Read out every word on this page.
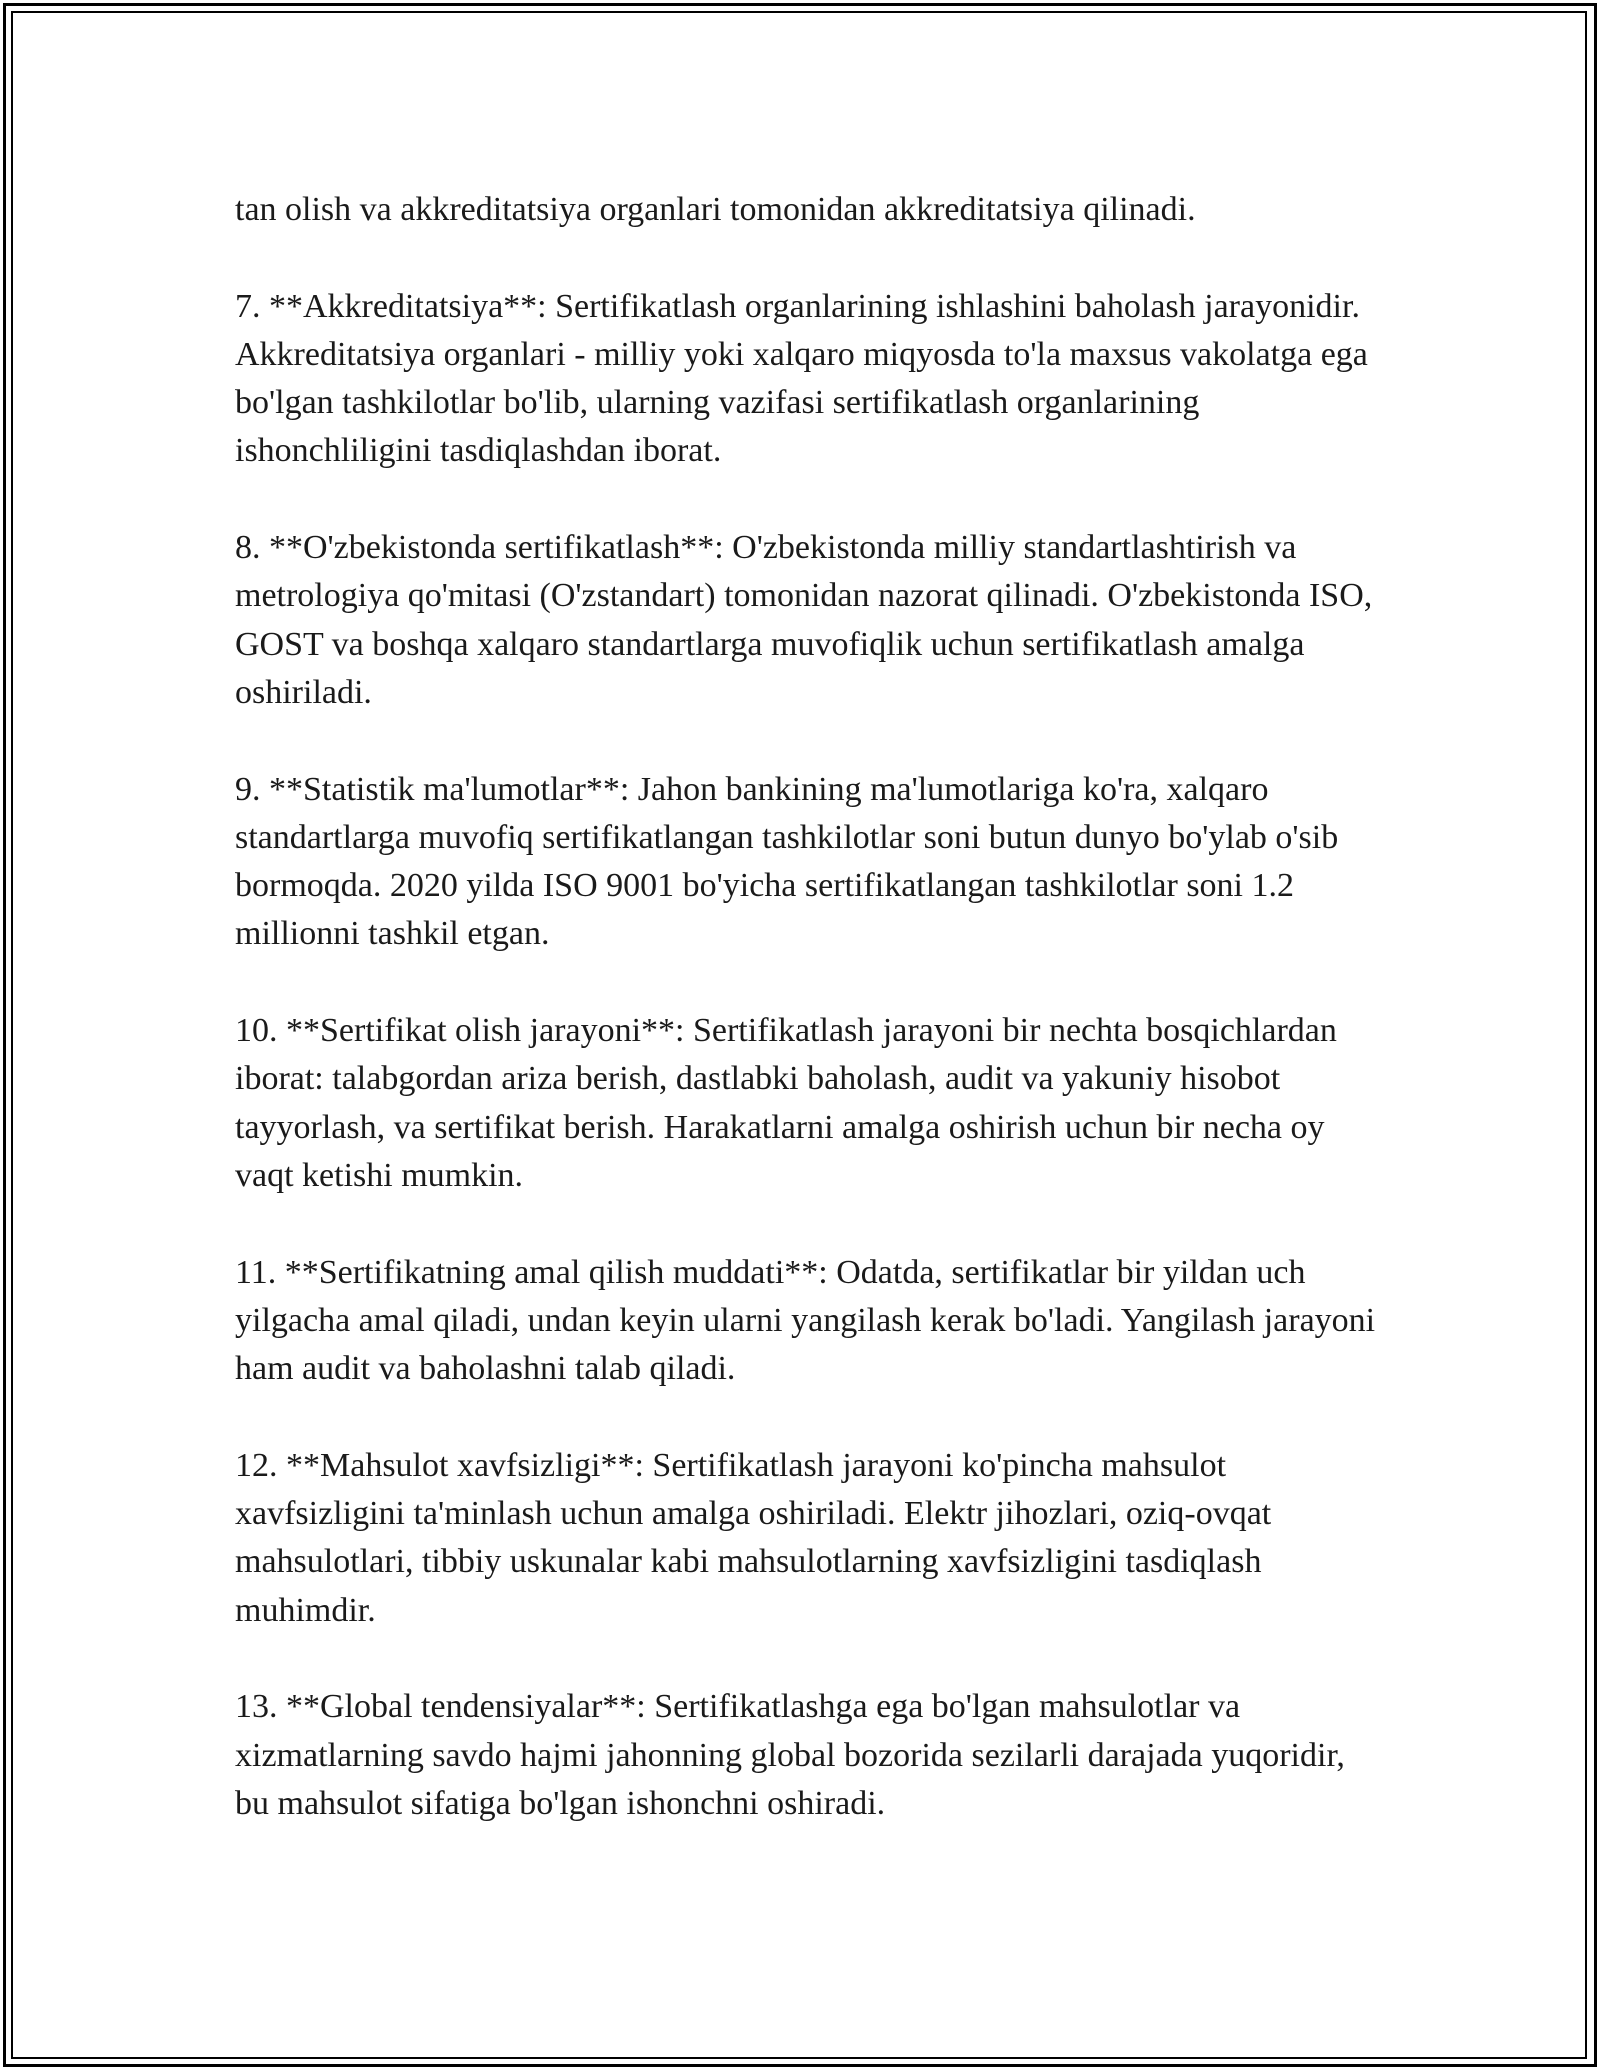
tan olish va akkreditatsiya organlari tomonidan akkreditatsiya qilinadi.

7. **Akkreditatsiya**: Sertifikatlash organlarining ishlashini baholash jarayonidir. Akkreditatsiya organlari - milliy yoki xalqaro miqyosda to'la maxsus vakolatga ega bo'lgan tashkilotlar bo'lib, ularning vazifasi sertifikatlash organlarining ishonchliligini tasdiqlashdan iborat.

8. **O'zbekistonda sertifikatlash**: O'zbekistonda milliy standartlashtirish va metrologiya qo'mitasi (O'zstandart) tomonidan nazorat qilinadi. O'zbekistonda ISO, GOST va boshqa xalqaro standartlarga muvofiqlik uchun sertifikatlash amalga oshiriladi.

9. **Statistik ma'lumotlar**: Jahon bankining ma'lumotlariga ko'ra, xalqaro standartlarga muvofiq sertifikatlangan tashkilotlar soni butun dunyo bo'ylab o'sib bormoqda. 2020 yilda ISO 9001 bo'yicha sertifikatlangan tashkilotlar soni 1.2 millionni tashkil etgan.

10. **Sertifikat olish jarayoni**: Sertifikatlash jarayoni bir nechta bosqichlardan iborat: talabgordan ariza berish, dastlabki baholash, audit va yakuniy hisobot tayyorlash, va sertifikat berish. Harakatlarni amalga oshirish uchun bir necha oy vaqt ketishi mumkin.

11. **Sertifikatning amal qilish muddati**: Odatda, sertifikatlar bir yildan uch yilgacha amal qiladi, undan keyin ularni yangilash kerak bo'ladi. Yangilash jarayoni ham audit va baholashni talab qiladi.

12. **Mahsulot xavfsizligi**: Sertifikatlash jarayoni ko'pincha mahsulot xavfsizligini ta'minlash uchun amalga oshiriladi. Elektr jihozlari, oziq-ovqat mahsulotlari, tibbiy uskunalar kabi mahsulotlarning xavfsizligini tasdiqlash muhimdir.

13. **Global tendensiyalar**: Sertifikatlashga ega bo'lgan mahsulotlar va xizmatlarning savdo hajmi jahonning global bozorida sezilarli darajada yuqoridir, bu mahsulot sifatiga bo'lgan ishonchni oshiradi.
